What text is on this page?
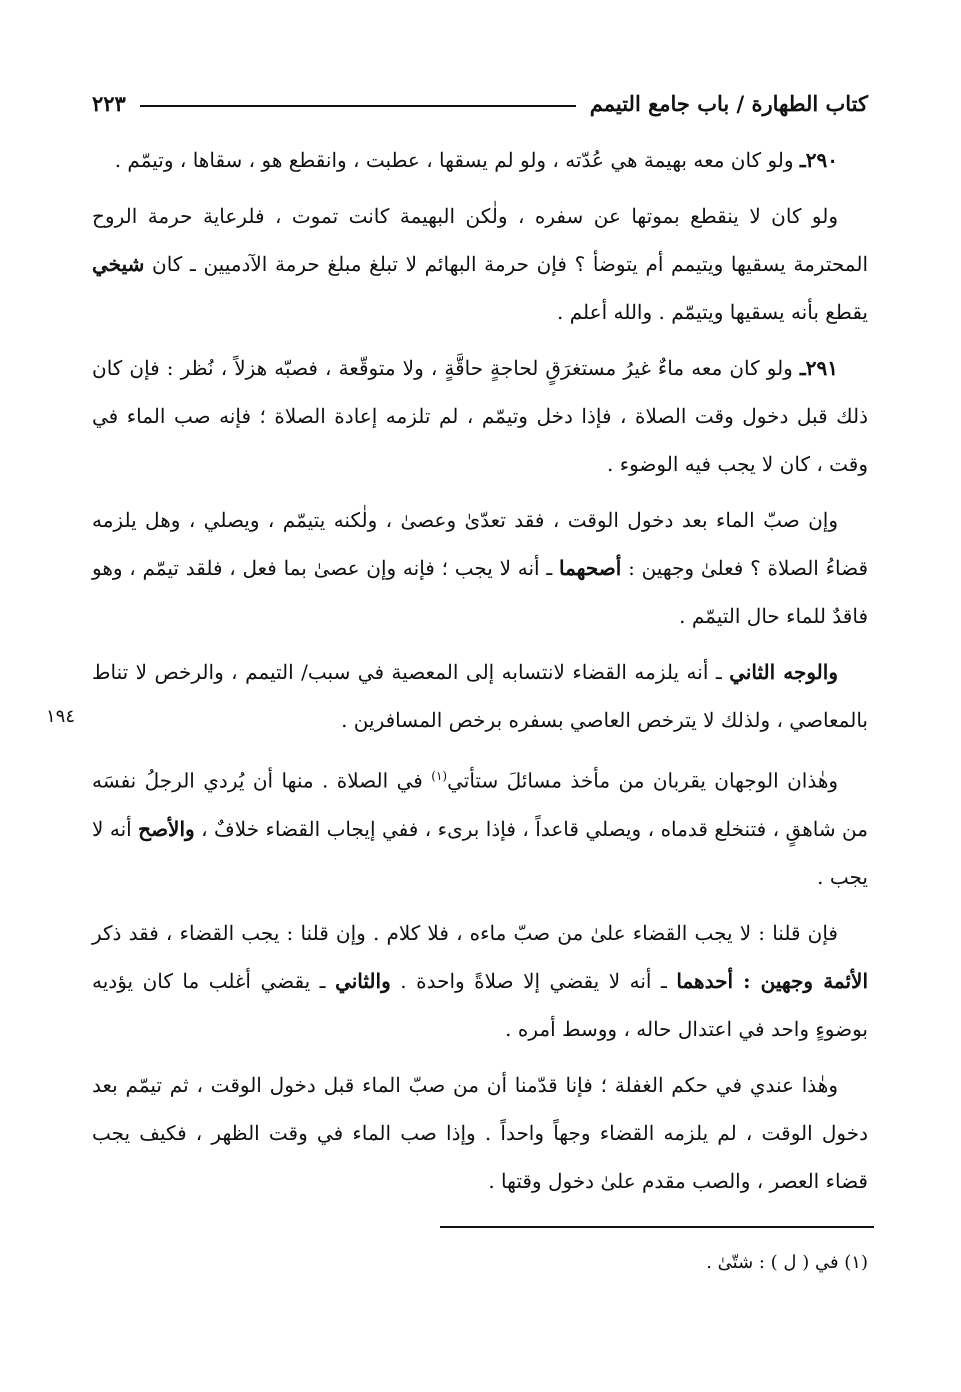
كتاب الطهارة / باب جامع التيمم
٢٢٣

٢٩٠ـ ولو كان معه بهيمة هي عُدّته ، ولو لم يسقها ، عطبت ، وانقطع هو ، سقاها ، وتيمّم .

ولو كان لا ينقطع بموتها عن سفره ، ولٰكن البهيمة كانت تموت ، فلرعاية حرمة الروح المحترمة يسقيها ويتيمم أم يتوضأ ؟ فإن حرمة البهائم لا تبلغ مبلغ حرمة الآدميين ـ كان شيخي يقطع بأنه يسقيها ويتيمّم . والله أعلم .

٢٩١ـ ولو كان معه ماءٌ غيرُ مستغرَقٍ لحاجةٍ حاقَّةٍ ، ولا متوقّعة ، فصبّه هزلاً ، نُظر : فإن كان ذلك قبل دخول وقت الصلاة ، فإذا دخل وتيمّم ، لم تلزمه إعادة الصلاة ؛ فإنه صب الماء في وقت ، كان لا يجب فيه الوضوء .

وإن صبّ الماء بعد دخول الوقت ، فقد تعدّىٰ وعصىٰ ، ولٰكنه يتيمّم ، ويصلي ، وهل يلزمه قضاءُ الصلاة ؟ فعلىٰ وجهين : أصحهما ـ أنه لا يجب ؛ فإنه وإن عصىٰ بما فعل ، فلقد تيمّم ، وهو فاقدٌ للماء حال التيمّم .

والوجه الثاني ـ أنه يلزمه القضاء لانتسابه إلى المعصية في سبب/ التيمم ، والرخص لا تناط بالمعاصي ، ولذلك لا يترخص العاصي بسفره برخص المسافرين .

وهٰذان الوجهان يقربان من مأخذ مسائلَ ستأتي$^{(١)}$ في الصلاة . منها أن يُردي الرجلُ نفسَه من شاهقٍ ، فتنخلع قدماه ، ويصلي قاعداً ، فإذا برىء ، ففي إيجاب القضاء خلافٌ ، والأصح أنه لا يجب .

فإن قلنا : لا يجب القضاء علىٰ من صبّ ماءه ، فلا كلام . وإن قلنا : يجب القضاء ، فقد ذكر الأئمة وجهين : أحدهما ـ أنه لا يقضي إلا صلاةً واحدة . والثاني ـ يقضي أغلب ما كان يؤديه بوضوءٍ واحد في اعتدال حاله ، ووسط أمره .

وهٰذا عندي في حكم الغفلة ؛ فإنا قدّمنا أن من صبّ الماء قبل دخول الوقت ، ثم تيمّم بعد دخول الوقت ، لم يلزمه القضاء وجهاً واحداً . وإذا صب الماء في وقت الظهر ، فكيف يجب قضاء العصر ، والصب مقدم علىٰ دخول وقتها .

١٩٤
(١) في ( ل ) : شتّىٰ .
